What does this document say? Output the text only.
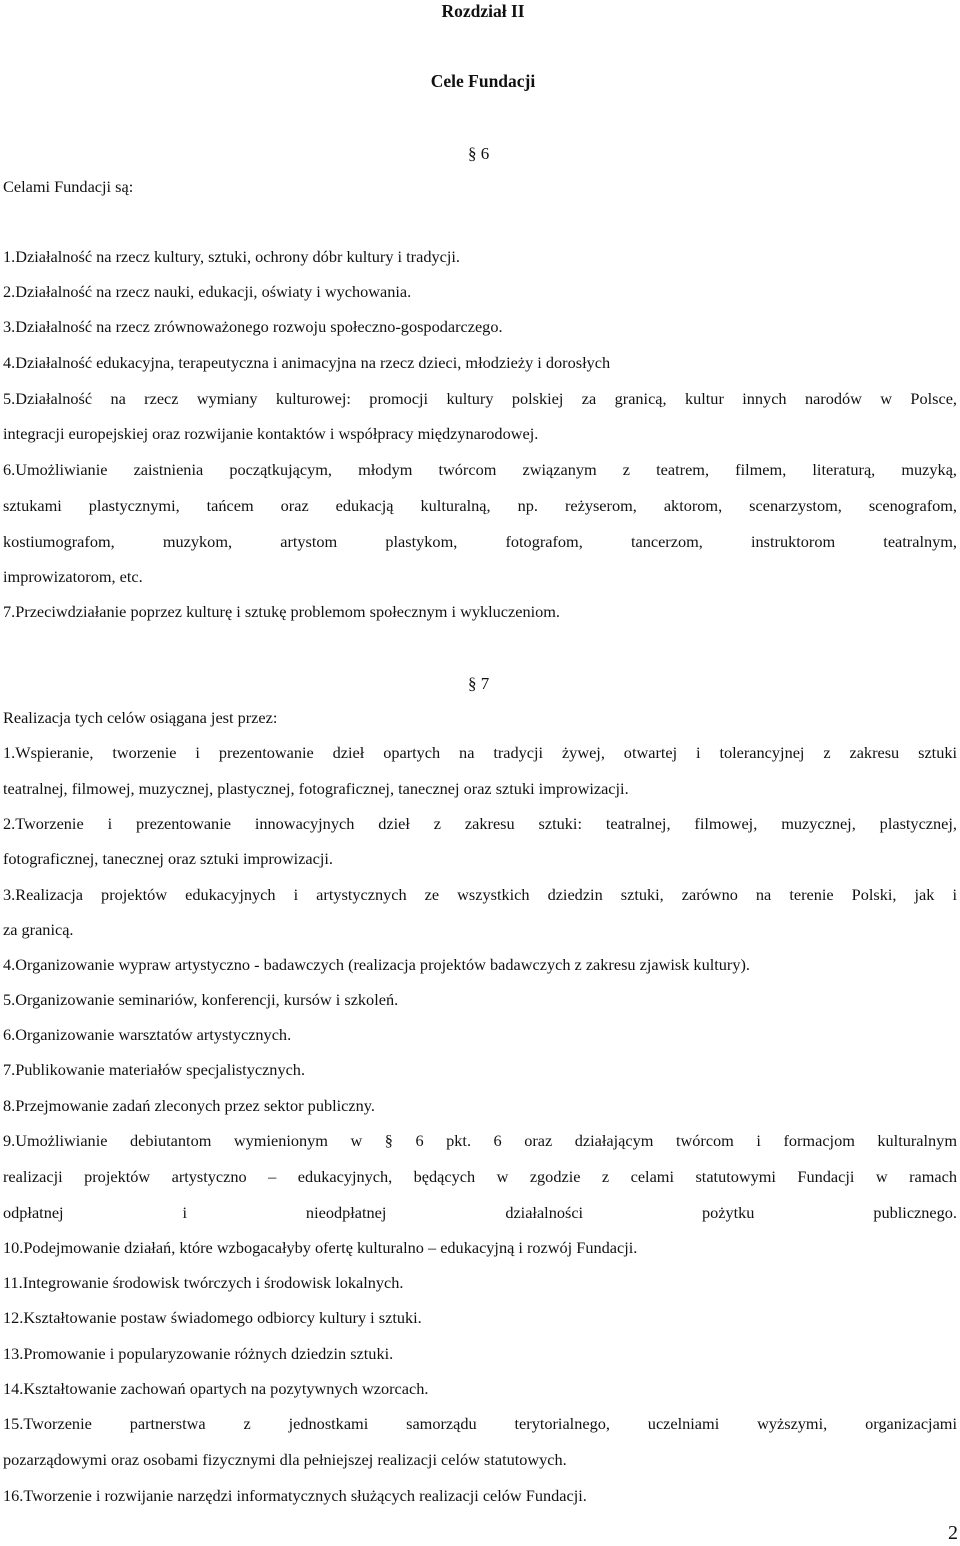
Rozdział II
Cele Fundacji
§ 6
Celami Fundacji są:
1.Działalność na rzecz kultury, sztuki, ochrony dóbr kultury i tradycji.
2.Działalność na rzecz nauki, edukacji, oświaty i wychowania.
3.Działalność na rzecz zrównoważonego rozwoju społeczno-gospodarczego.
4.Działalność edukacyjna, terapeutyczna i animacyjna na rzecz dzieci, młodzieży i dorosłych
5.Działalność na rzecz wymiany kulturowej: promocji kultury polskiej za granicą, kultur innych narodów w Polsce,
integracji europejskiej oraz rozwijanie kontaktów i współpracy międzynarodowej.
6.Umożliwianie zaistnienia początkującym, młodym twórcom związanym z teatrem, filmem, literaturą, muzyką,
sztukami plastycznymi, tańcem oraz edukacją kulturalną, np. reżyserom, aktorom, scenarzystom, scenografom,
kostiumografom, muzykom, artystom plastykom, fotografom, tancerzom, instruktorom teatralnym,
improwizatorom, etc.
7.Przeciwdziałanie poprzez kulturę i sztukę problemom społecznym i wykluczeniom.
§ 7
Realizacja tych celów osiągana jest przez:
1.Wspieranie, tworzenie i prezentowanie dzieł opartych na tradycji żywej, otwartej i tolerancyjnej z zakresu sztuki
teatralnej, filmowej, muzycznej, plastycznej, fotograficznej, tanecznej oraz sztuki improwizacji.
2.Tworzenie i prezentowanie innowacyjnych dzieł z zakresu sztuki: teatralnej, filmowej, muzycznej, plastycznej,
fotograficznej, tanecznej oraz sztuki improwizacji.
3.Realizacja projektów edukacyjnych i artystycznych ze wszystkich dziedzin sztuki, zarówno na terenie Polski, jak i
za granicą.
4.Organizowanie wypraw artystyczno - badawczych (realizacja projektów badawczych z zakresu zjawisk kultury).
5.Organizowanie seminariów, konferencji, kursów i szkoleń.
6.Organizowanie warsztatów artystycznych.
7.Publikowanie materiałów specjalistycznych.
8.Przejmowanie zadań zleconych przez sektor publiczny.
9.Umożliwianie debiutantom wymienionym w § 6 pkt. 6 oraz działającym twórcom i formacjom kulturalnym
realizacji projektów artystyczno – edukacyjnych, będących w zgodzie z celami statutowymi Fundacji w ramach
odpłatnej i nieodpłatnej działalności pożytku publicznego.
10.Podejmowanie działań, które wzbogacałyby ofertę kulturalno – edukacyjną i rozwój Fundacji.
11.Integrowanie środowisk twórczych i środowisk lokalnych.
12.Kształtowanie postaw świadomego odbiorcy kultury i sztuki.
13.Promowanie i popularyzowanie różnych dziedzin sztuki.
14.Kształtowanie zachowań opartych na pozytywnych wzorcach.
15.Tworzenie partnerstwa z jednostkami samorządu terytorialnego, uczelniami wyższymi, organizacjami
pozarządowymi oraz osobami fizycznymi dla pełniejszej realizacji celów statutowych.
16.Tworzenie i rozwijanie narzędzi informatycznych służących realizacji celów Fundacji.
2
